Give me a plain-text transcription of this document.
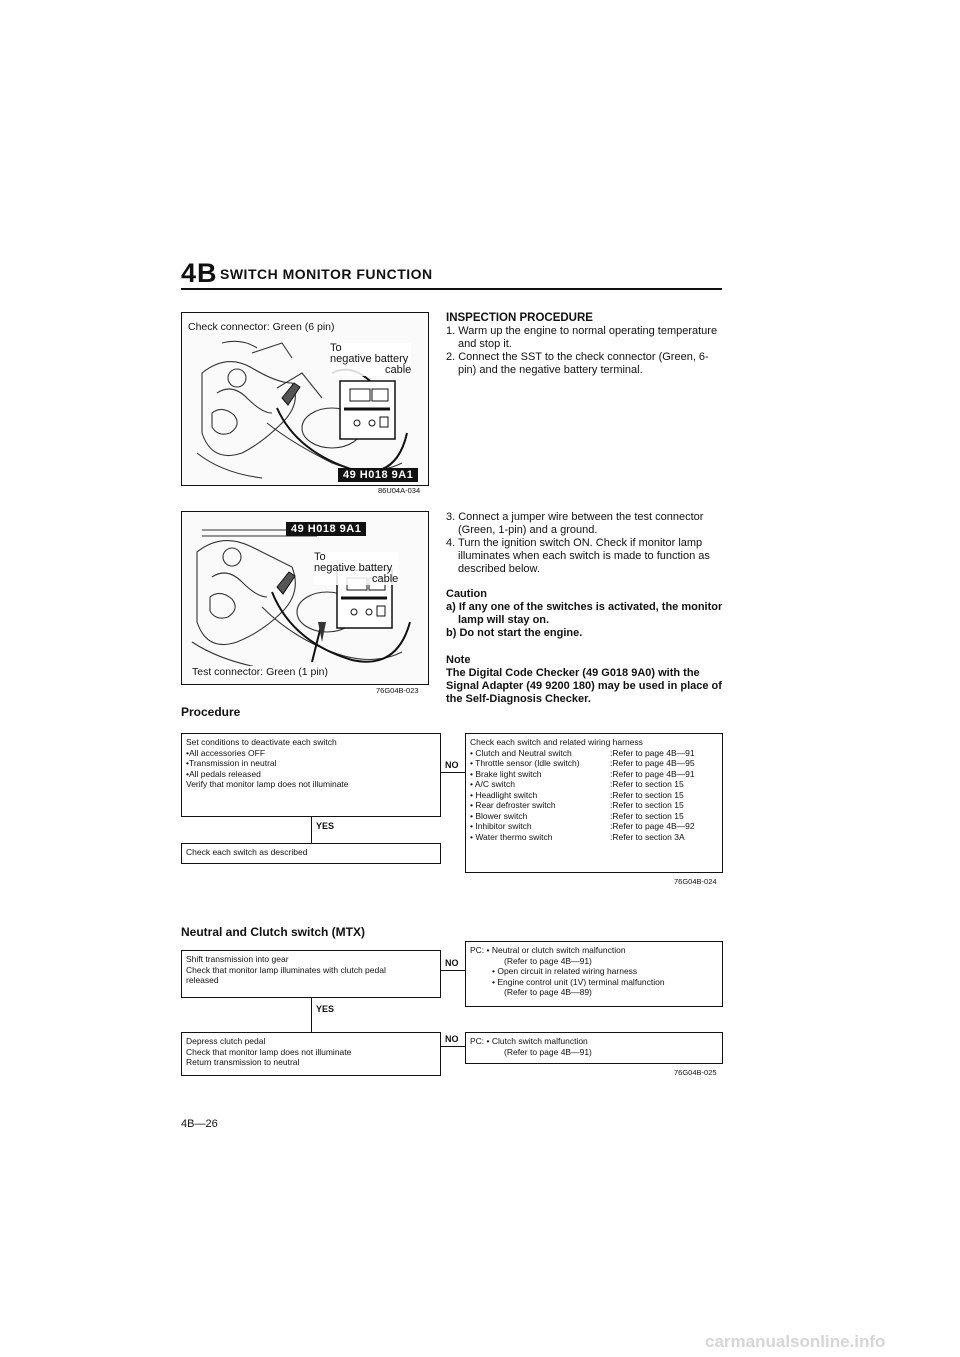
4B SWITCH MONITOR FUNCTION
Check connector: Green (6 pin)
To
negative battery
cable
49 H018 9A1
86U04A-034
49 H018 9A1
To
negative battery
cable
Test connector: Green (1 pin)
76G04B-023

INSPECTION PROCEDURE

1. Warm up the engine to normal operating temperature and stop it.

2. Connect the SST to the check connector (Green, 6-pin) and the negative battery terminal.

3. Connect a jumper wire between the test connector (Green, 1-pin) and a ground.

4. Turn the ignition switch ON. Check if monitor lamp illuminates when each switch is made to function as described below.

Caution

a) If any one of the switches is activated, the monitor lamp will stay on.

b) Do not start the engine.

Note

The Digital Code Checker (49 G018 9A0) with the Signal Adapter (49 9200 180) may be used in place of the Self-Diagnosis Checker.

Procedure
Set conditions to deactivate each switch
•All accessories OFF
•Transmission in neutral
•All pedals released
Verify that monitor lamp does not illuminate
NO
YES
Check each switch as described
Check each switch and related wiring harness
• Clutch and Neutral switch	:Refer to page 4B—91
• Throttle sensor (Idle switch)	:Refer to page 4B—95
• Brake light switch	:Refer to page 4B—91
• A/C switch	:Refer to section 15
• Headlight switch	:Refer to section 15
• Rear defroster switch	:Refer to section 15
• Blower switch	:Refer to section 15
• Inhibitor switch	:Refer to page 4B—92
• Water thermo switch	:Refer to section 3A
76G04B-024
Neutral and Clutch switch (MTX)
Shift transmission into gear
Check that monitor lamp illuminates with clutch pedal
released
NO
PC: • Neutral or clutch switch malfunction
(Refer to page 4B—91)
• Open circuit in related wiring harness
• Engine control unit (1V) terminal malfunction
(Refer to page 4B—89)
YES
Depress clutch pedal
Check that monitor lamp does not illuminate
Return transmission to neutral
NO PC: • Clutch switch malfunction
(Refer to page 4B—91)
76G04B-025
4B—26
carmanualsonline.info
